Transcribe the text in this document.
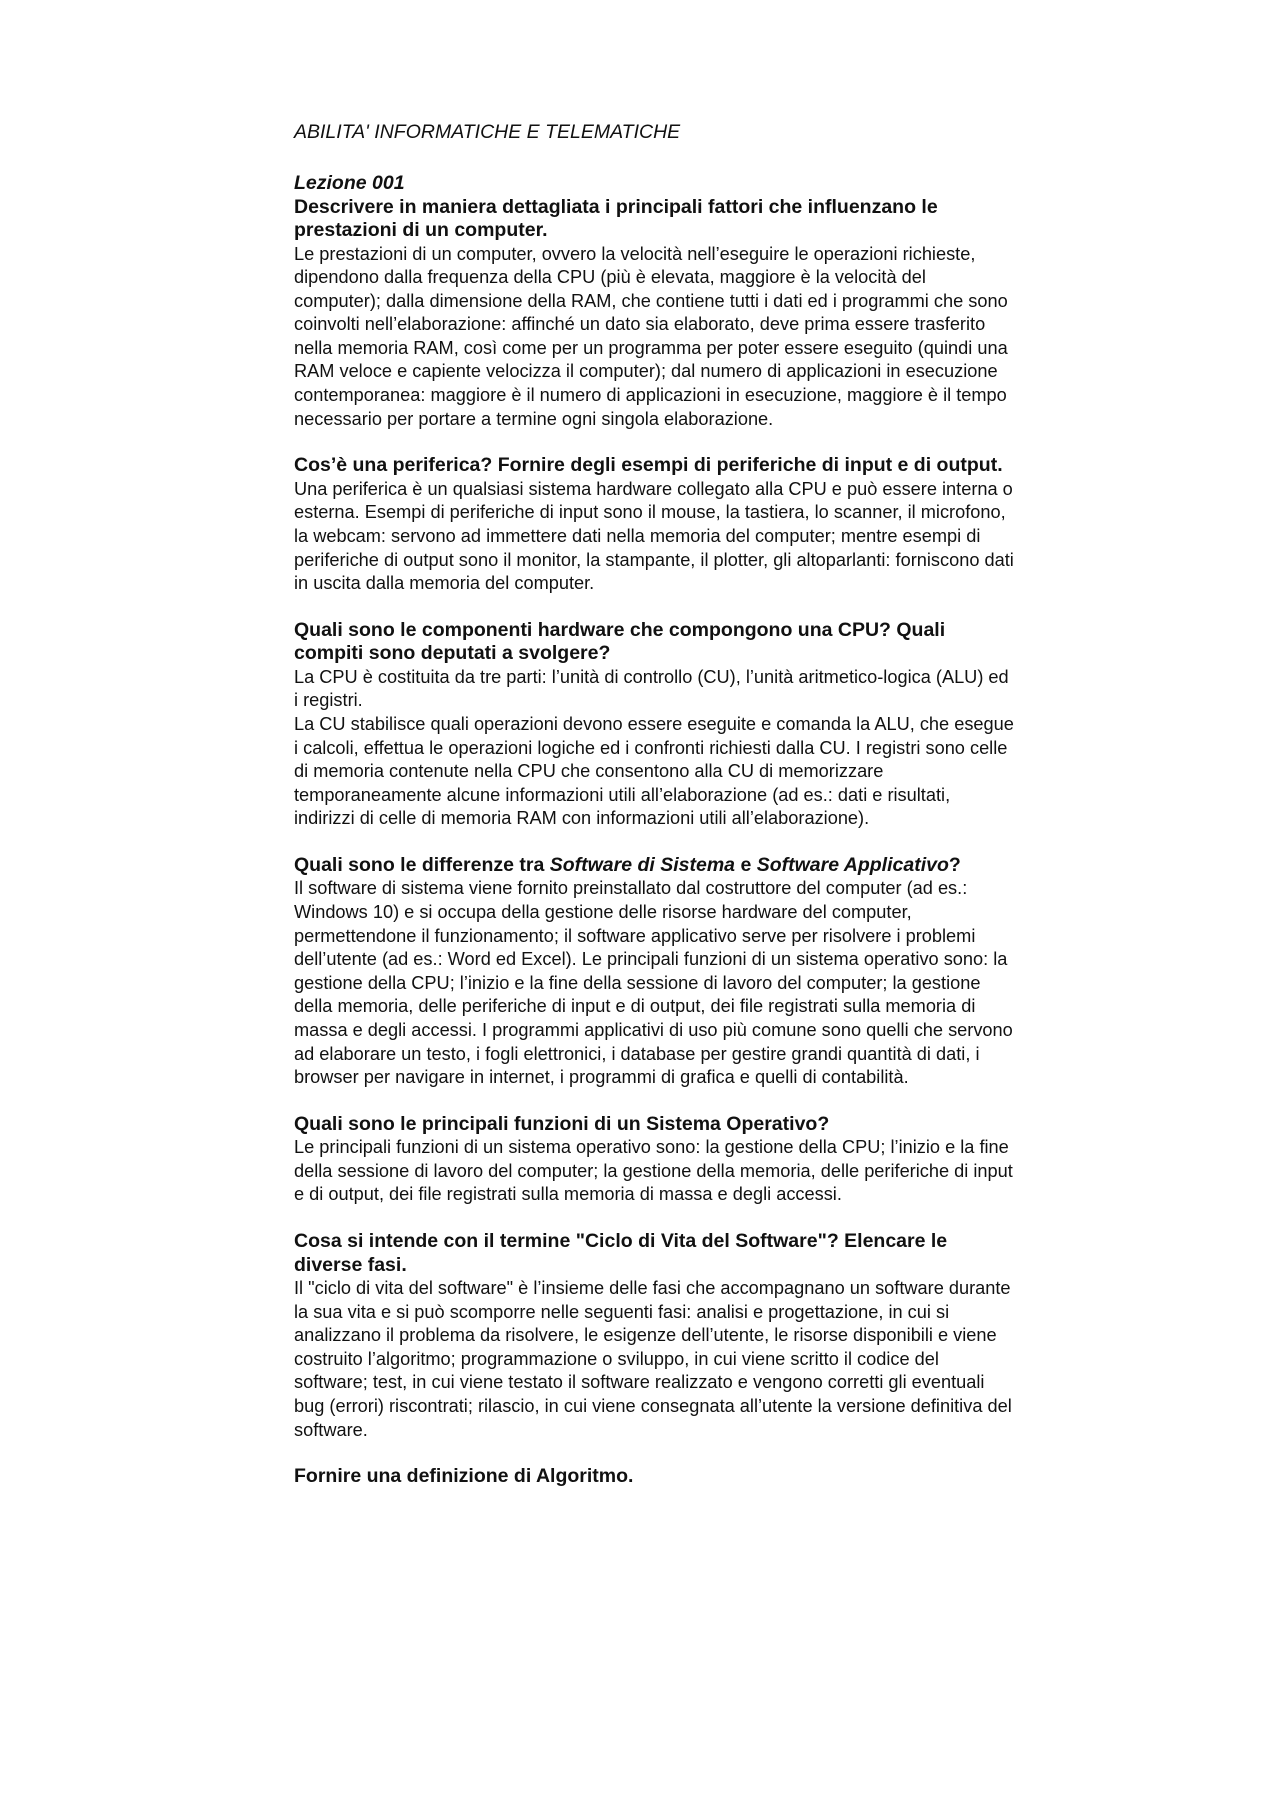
ABILITA' INFORMATICHE E TELEMATICHE

Lezione 001

Descrivere in maniera dettagliata i principali fattori che influenzano le prestazioni di un computer.

Le prestazioni di un computer, ovvero la velocità nell’eseguire le operazioni richieste, dipendono dalla frequenza della CPU (più è elevata, maggiore è la velocità del computer); dalla dimensione della RAM, che contiene tutti i dati ed i programmi che sono coinvolti nell’elaborazione: affinché un dato sia elaborato, deve prima essere trasferito nella memoria RAM, così come per un programma per poter essere eseguito (quindi una RAM veloce e capiente velocizza il computer); dal numero di applicazioni in esecuzione contemporanea: maggiore è il numero di applicazioni in esecuzione, maggiore è il tempo necessario per portare a termine ogni singola elaborazione.

Cos’è una periferica? Fornire degli esempi di periferiche di input e di output.

Una periferica è un qualsiasi sistema hardware collegato alla CPU e può essere interna o esterna. Esempi di periferiche di input sono il mouse, la tastiera, lo scanner, il microfono, la webcam: servono ad immettere dati nella memoria del computer; mentre esempi di periferiche di output sono il monitor, la stampante, il plotter, gli altoparlanti: forniscono dati in uscita dalla memoria del computer.

Quali sono le componenti hardware che compongono una CPU? Quali compiti sono deputati a svolgere?

La CPU è costituita da tre parti: l’unità di controllo (CU), l’unità aritmetico-logica (ALU) ed i registri.

La CU stabilisce quali operazioni devono essere eseguite e comanda la ALU, che esegue i calcoli, effettua le operazioni logiche ed i confronti richiesti dalla CU. I registri sono celle di memoria contenute nella CPU che consentono alla CU di memorizzare temporaneamente alcune informazioni utili all’elaborazione (ad es.: dati e risultati, indirizzi di celle di memoria RAM con informazioni utili all’elaborazione).

Quali sono le differenze tra Software di Sistema e Software Applicativo?

Il software di sistema viene fornito preinstallato dal costruttore del computer (ad es.: Windows 10) e si occupa della gestione delle risorse hardware del computer, permettendone il funzionamento; il software applicativo serve per risolvere i problemi dell’utente (ad es.: Word ed Excel). Le principali funzioni di un sistema operativo sono: la gestione della CPU; l’inizio e la fine della sessione di lavoro del computer; la gestione della memoria, delle periferiche di input e di output, dei file registrati sulla memoria di massa e degli accessi. I programmi applicativi di uso più comune sono quelli che servono ad elaborare un testo, i fogli elettronici, i database per gestire grandi quantità di dati, i browser per navigare in internet, i programmi di grafica e quelli di contabilità.

Quali sono le principali funzioni di un Sistema Operativo?

Le principali funzioni di un sistema operativo sono: la gestione della CPU; l’inizio e la fine della sessione di lavoro del computer; la gestione della memoria, delle periferiche di input e di output, dei file registrati sulla memoria di massa e degli accessi.

Cosa si intende con il termine "Ciclo di Vita del Software"? Elencare le diverse fasi.

Il "ciclo di vita del software" è l’insieme delle fasi che accompagnano un software durante la sua vita e si può scomporre nelle seguenti fasi: analisi e progettazione, in cui si analizzano il problema da risolvere, le esigenze dell’utente, le risorse disponibili e viene costruito l’algoritmo; programmazione o sviluppo, in cui viene scritto il codice del software; test, in cui viene testato il software realizzato e vengono corretti gli eventuali bug (errori) riscontrati; rilascio, in cui viene consegnata all’utente la versione definitiva del software.

Fornire una definizione di Algoritmo.
